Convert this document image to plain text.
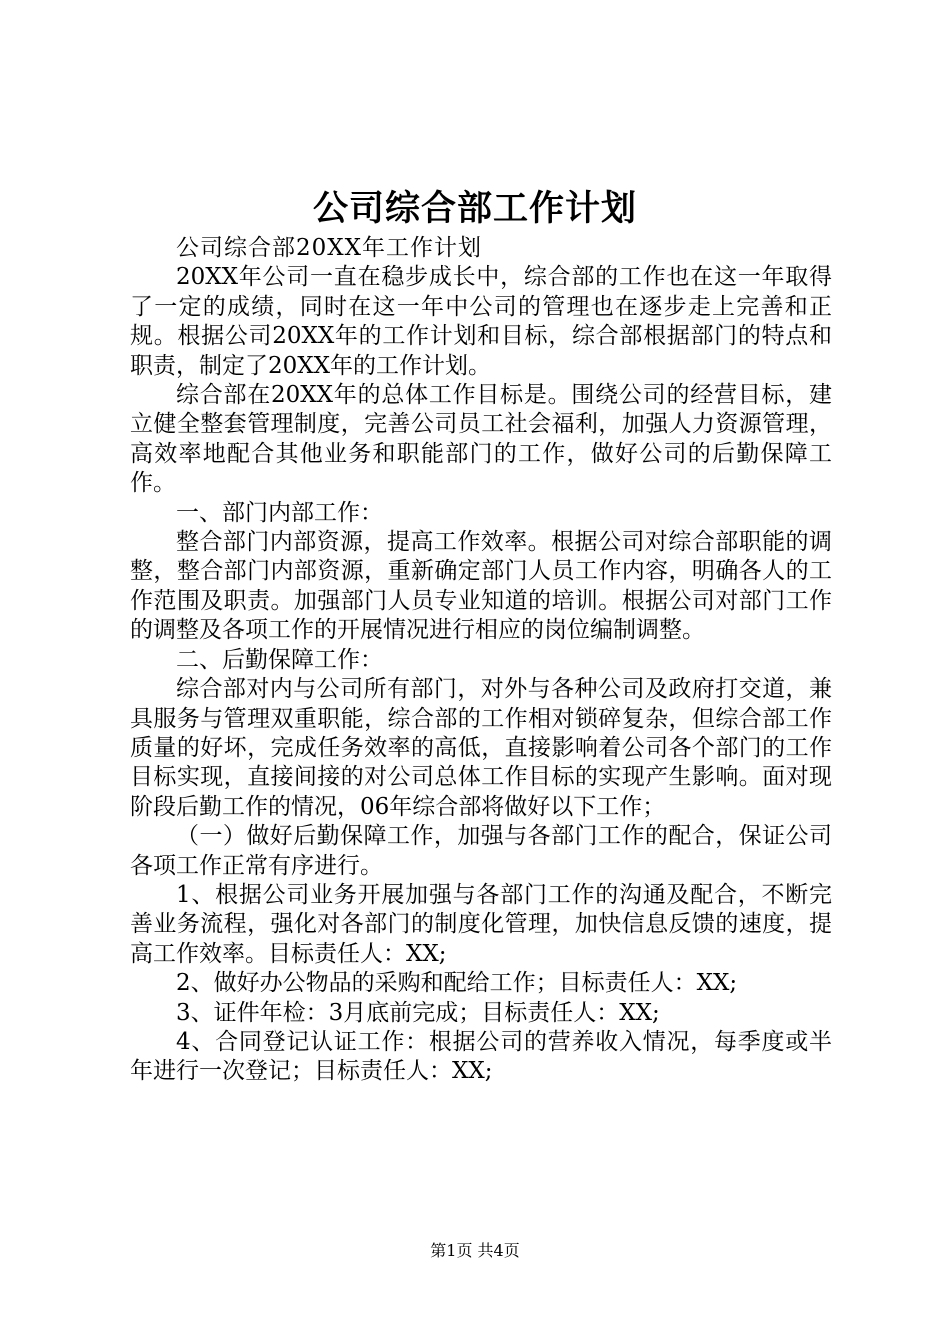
公司综合部工作计划

公司综合部20XX年工作计划

20XX年公司一直在稳步成长中，综合部的工作也在这一年取得了一定的成绩，同时在这一年中公司的管理也在逐步走上完善和正规。根据公司20XX年的工作计划和目标，综合部根据部门的特点和职责，制定了20XX年的工作计划。

综合部在20XX年的总体工作目标是。围绕公司的经营目标，建立健全整套管理制度，完善公司员工社会福利，加强人力资源管理，高效率地配合其他业务和职能部门的工作，做好公司的后勤保障工作。

一、部门内部工作：

整合部门内部资源，提高工作效率。根据公司对综合部职能的调整，整合部门内部资源，重新确定部门人员工作内容，明确各人的工作范围及职责。加强部门人员专业知道的培训。根据公司对部门工作的调整及各项工作的开展情况进行相应的岗位编制调整。

二、后勤保障工作：

综合部对内与公司所有部门，对外与各种公司及政府打交道，兼具服务与管理双重职能，综合部的工作相对锁碎复杂，但综合部工作质量的好坏，完成任务效率的高低，直接影响着公司各个部门的工作目标实现，直接间接的对公司总体工作目标的实现产生影响。面对现阶段后勤工作的情况，06年综合部将做好以下工作；

（一）做好后勤保障工作，加强与各部门工作的配合，保证公司各项工作正常有序进行。

1、根据公司业务开展加强与各部门工作的沟通及配合，不断完善业务流程，强化对各部门的制度化管理，加快信息反馈的速度，提高工作效率。目标责任人：XX;

2、做好办公物品的采购和配给工作；目标责任人：XX;

3、证件年检：3月底前完成；目标责任人：XX;

4、合同登记认证工作：根据公司的营养收入情况，每季度或半年进行一次登记；目标责任人：XX;

第1页 共4页
